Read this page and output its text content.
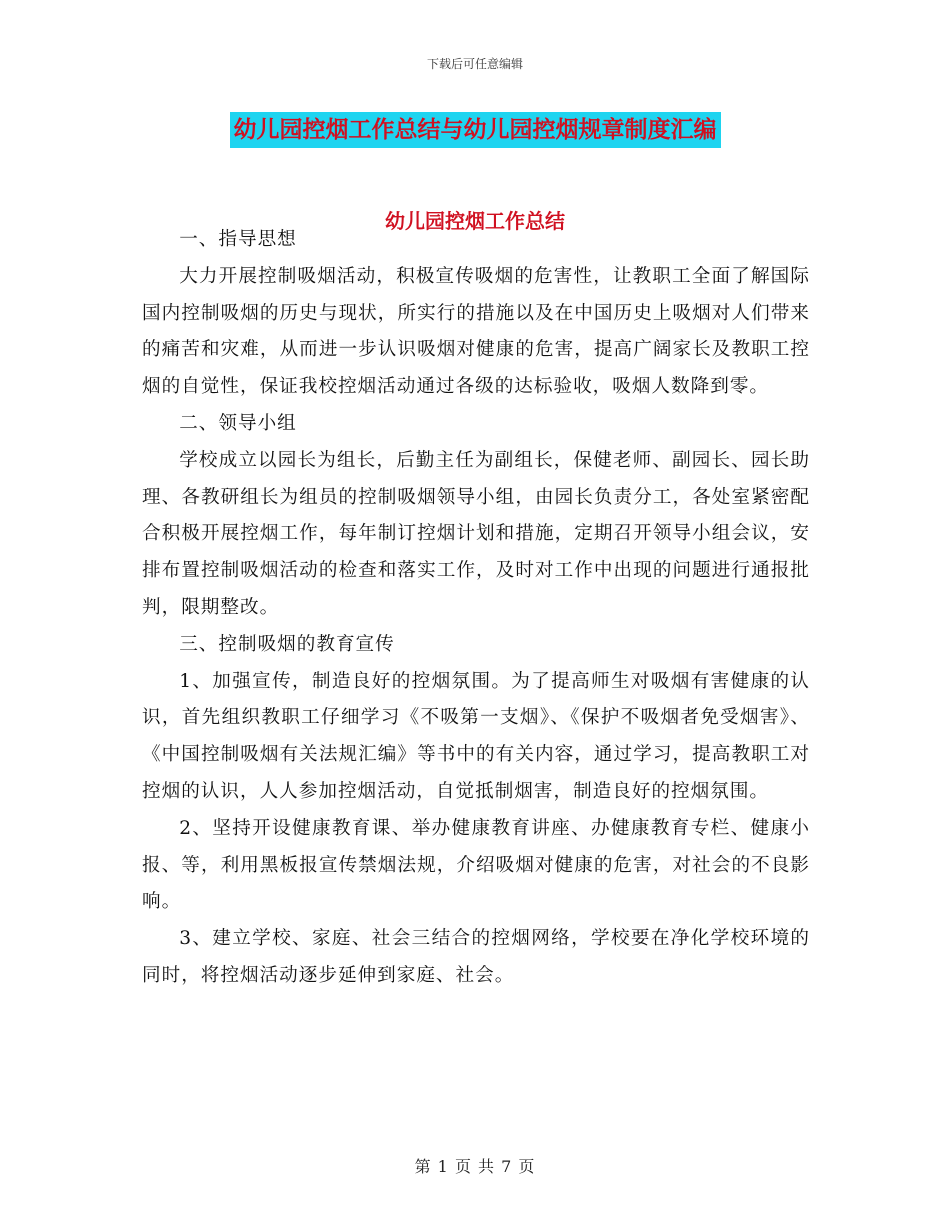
下载后可任意编辑
幼儿园控烟工作总结与幼儿园控烟规章制度汇编
幼儿园控烟工作总结

一、指导思想

大力开展控制吸烟活动，积极宣传吸烟的危害性，让教职工全面了解国际国内控制吸烟的历史与现状，所实行的措施以及在中国历史上吸烟对人们带来的痛苦和灾难，从而进一步认识吸烟对健康的危害，提高广阔家长及教职工控烟的自觉性，保证我校控烟活动通过各级的达标验收，吸烟人数降到零。

二、领导小组

学校成立以园长为组长，后勤主任为副组长，保健老师、副园长、园长助理、各教研组长为组员的控制吸烟领导小组，由园长负责分工，各处室紧密配合积极开展控烟工作，每年制订控烟计划和措施，定期召开领导小组会议，安排布置控制吸烟活动的检查和落实工作，及时对工作中出现的问题进行通报批判，限期整改。

三、控制吸烟的教育宣传

1、加强宣传，制造良好的控烟氛围。为了提高师生对吸烟有害健康的认识，首先组织教职工仔细学习《不吸第一支烟》、《保护不吸烟者免受烟害》、《中国控制吸烟有关法规汇编》等书中的有关内容，通过学习，提高教职工对控烟的认识，人人参加控烟活动，自觉抵制烟害，制造良好的控烟氛围。

2、坚持开设健康教育课、举办健康教育讲座、办健康教育专栏、健康小报、等，利用黑板报宣传禁烟法规，介绍吸烟对健康的危害，对社会的不良影响。

3、建立学校、家庭、社会三结合的控烟网络，学校要在净化学校环境的同时，将控烟活动逐步延伸到家庭、社会。

第 1 页 共 7 页
